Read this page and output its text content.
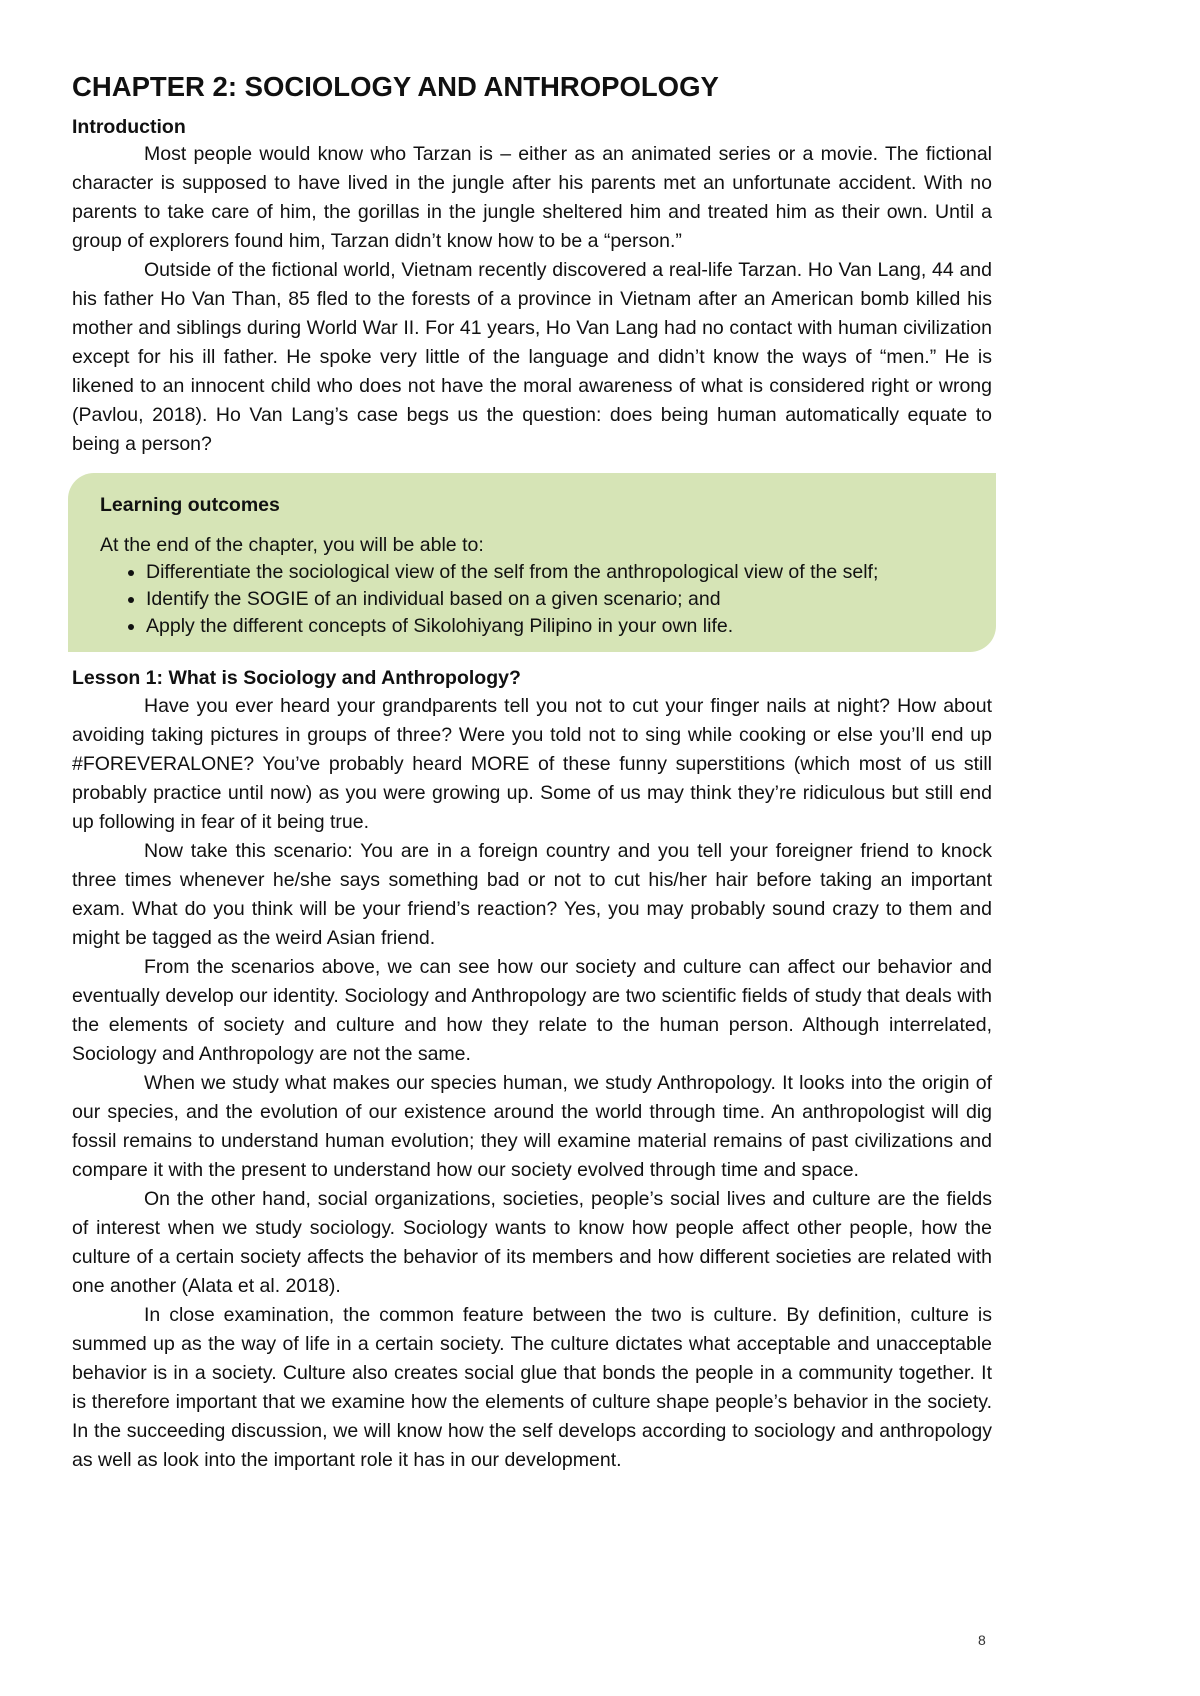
CHAPTER 2: SOCIOLOGY AND ANTHROPOLOGY
Introduction

Most people would know who Tarzan is – either as an animated series or a movie. The fictional character is supposed to have lived in the jungle after his parents met an unfortunate accident. With no parents to take care of him, the gorillas in the jungle sheltered him and treated him as their own. Until a group of explorers found him, Tarzan didn’t know how to be a “person.”

Outside of the fictional world, Vietnam recently discovered a real-life Tarzan. Ho Van Lang, 44 and his father Ho Van Than, 85 fled to the forests of a province in Vietnam after an American bomb killed his mother and siblings during World War II. For 41 years, Ho Van Lang had no contact with human civilization except for his ill father. He spoke very little of the language and didn’t know the ways of “men.” He is likened to an innocent child who does not have the moral awareness of what is considered right or wrong (Pavlou, 2018). Ho Van Lang’s case begs us the question: does being human automatically equate to being a person?

Learning outcomes
At the end of the chapter, you will be able to:
• Differentiate the sociological view of the self from the anthropological view of the self;
• Identify the SOGIE of an individual based on a given scenario; and
• Apply the different concepts of Sikolohiyang Pilipino in your own life.
Lesson 1: What is Sociology and Anthropology?

Have you ever heard your grandparents tell you not to cut your finger nails at night? How about avoiding taking pictures in groups of three? Were you told not to sing while cooking or else you’ll end up #FOREVERALONE? You’ve probably heard MORE of these funny superstitions (which most of us still probably practice until now) as you were growing up. Some of us may think they’re ridiculous but still end up following in fear of it being true.

Now take this scenario: You are in a foreign country and you tell your foreigner friend to knock three times whenever he/she says something bad or not to cut his/her hair before taking an important exam. What do you think will be your friend’s reaction? Yes, you may probably sound crazy to them and might be tagged as the weird Asian friend.

From the scenarios above, we can see how our society and culture can affect our behavior and eventually develop our identity. Sociology and Anthropology are two scientific fields of study that deals with the elements of society and culture and how they relate to the human person. Although interrelated, Sociology and Anthropology are not the same.

When we study what makes our species human, we study Anthropology. It looks into the origin of our species, and the evolution of our existence around the world through time. An anthropologist will dig fossil remains to understand human evolution; they will examine material remains of past civilizations and compare it with the present to understand how our society evolved through time and space.

On the other hand, social organizations, societies, people’s social lives and culture are the fields of interest when we study sociology. Sociology wants to know how people affect other people, how the culture of a certain society affects the behavior of its members and how different societies are related with one another (Alata et al. 2018).

In close examination, the common feature between the two is culture. By definition, culture is summed up as the way of life in a certain society. The culture dictates what acceptable and unacceptable behavior is in a society. Culture also creates social glue that bonds the people in a community together. It is therefore important that we examine how the elements of culture shape people’s behavior in the society. In the succeeding discussion, we will know how the self develops according to sociology and anthropology as well as look into the important role it has in our development.

8
